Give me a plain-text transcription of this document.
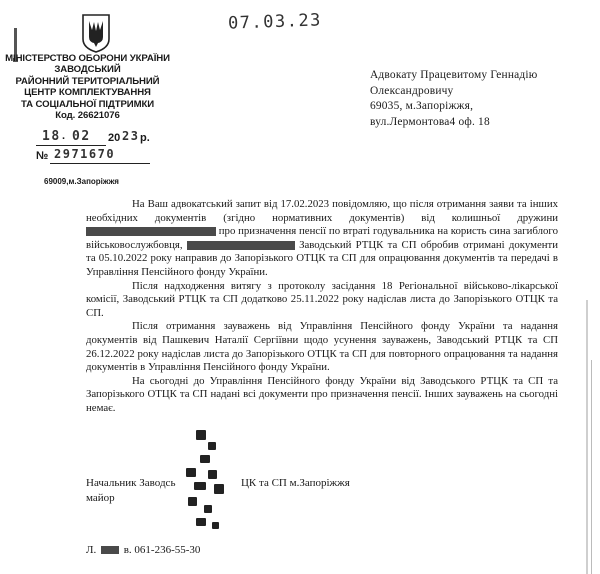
07.03.23
МІНІСТЕРСТВО ОБОРОНИ УКРАЇНИ
ЗАВОДСЬКИЙ
РАЙОННИЙ ТЕРИТОРІАЛЬНИЙ
ЦЕНТР КОМПЛЕКТУВАННЯ
ТА СОЦІАЛЬНОЇ ПІДТРИМКИ
Код. 26621076
18 . 02 20 23 р.
№ 2971670
69009,м.Запоріжжя
Адвокату Працевитому Геннадію
Олександровичу
69035, м.Запоріжжя,
вул.Лермонтова4 оф. 18

На Ваш адвокатський запит від 17.02.2023 повідомляю, що після отримання заяви та інших необхідних документів (згідно нормативних документів) від колишньої дружини  про призначення пенсії по втраті годувальника на користь сина загиблого військовослужбовця,	Заводський РТЦК та СП обробив отримані документи та 05.10.2022 року направив до Запорізького ОТЦК та СП для опрацювання документів та передачі в Управління Пенсійного фонду України.

Після надходження витягу з протоколу засідання 18 Регіональної військово-лікарської комісії, Заводський РТЦК та СП додатково 25.11.2022 року надіслав листа до Запорізького ОТЦК та СП.

Після отримання зауважень від Управління Пенсійного фонду України та надання документів від Пашкевич Наталії Сергіївни щодо усунення зауважень, Заводський РТЦК та СП 26.12.2022 року надіслав листа до Запорізького ОТЦК та СП для повторного опрацювання та надання документів в Управління Пенсійного фонду України.

На сьогодні до Управління Пенсійного фонду України від Заводського РТЦК та СП та Запорізького ОТЦК та СП надані всі документи про призначення пенсії. Інших зауважень на сьогодні немає.

Начальник Заводсь	ЦК та СП м.Запоріжжя
майор
Л.	в. 061-236-55-30
